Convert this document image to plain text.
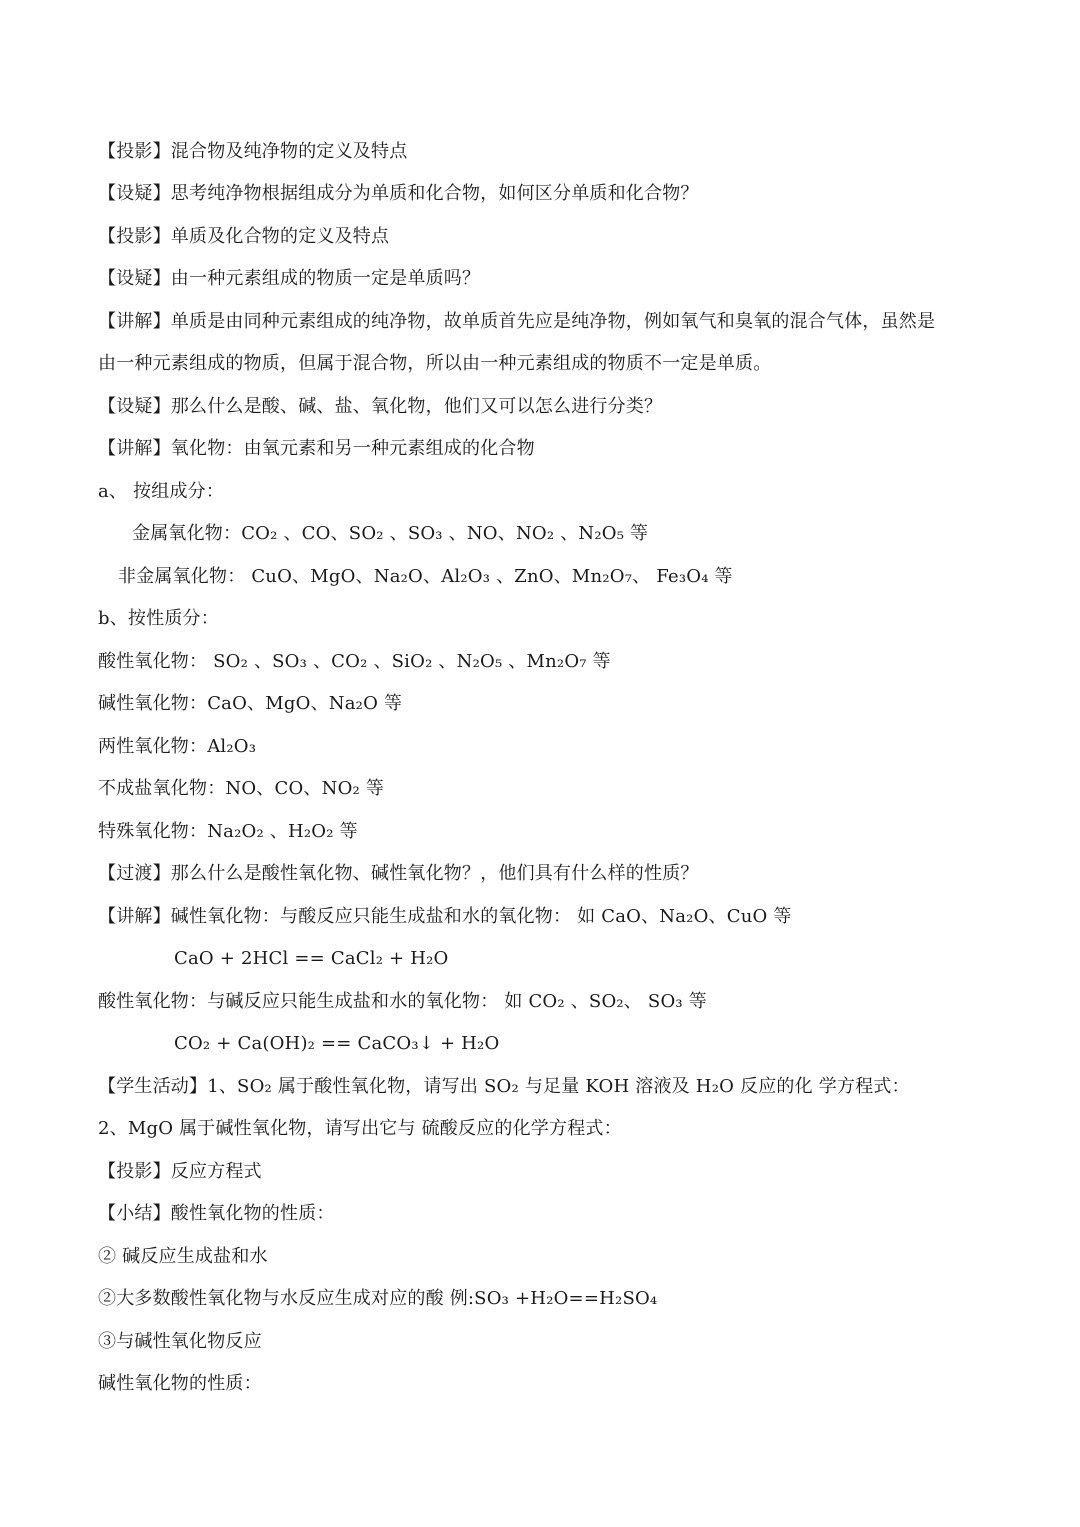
【投影】混合物及纯净物的定义及特点
【设疑】思考纯净物根据组成分为单质和化合物，如何区分单质和化合物？
【投影】单质及化合物的定义及特点
【设疑】由一种元素组成的物质一定是单质吗？
【讲解】单质是由同种元素组成的纯净物，故单质首先应是纯净物，例如氧气和臭氧的混合气体，虽然是
由一种元素组成的物质，但属于混合物，所以由一种元素组成的物质不一定是单质。
【设疑】那么什么是酸、碱、盐、氧化物，他们又可以怎么进行分类？
【讲解】氧化物：由氧元素和另一种元素组成的化合物
a、 按组成分：
金属氧化物：CO₂ 、CO、SO₂ 、SO₃ 、NO、NO₂ 、N₂O₅ 等
非金属氧化物： CuO、MgO、Na₂O、Al₂O₃ 、ZnO、Mn₂O₇、 Fe₃O₄ 等
b、按性质分：
酸性氧化物： SO₂ 、SO₃ 、CO₂ 、SiO₂ 、N₂O₅ 、Mn₂O₇ 等
碱性氧化物：CaO、MgO、Na₂O 等
两性氧化物：Al₂O₃
不成盐氧化物：NO、CO、NO₂ 等
特殊氧化物：Na₂O₂ 、H₂O₂ 等
【过渡】那么什么是酸性氧化物、碱性氧化物？，他们具有什么样的性质？
【讲解】碱性氧化物：与酸反应只能生成盐和水的氧化物： 如 CaO、Na₂O、CuO 等
CaO + 2HCl == CaCl₂ + H₂O
酸性氧化物：与碱反应只能生成盐和水的氧化物： 如 CO₂ 、SO₂、 SO₃ 等
CO₂ + Ca(OH)₂ == CaCO₃↓ + H₂O
【学生活动】1、SO₂ 属于酸性氧化物，请写出 SO₂ 与足量 KOH 溶液及 H₂O 反应的化 学方程式：
2、MgO 属于碱性氧化物，请写出它与 硫酸反应的化学方程式：
【投影】反应方程式
【小结】酸性氧化物的性质：
② 碱反应生成盐和水
②大多数酸性氧化物与水反应生成对应的酸 例:SO₃ +H₂O==H₂SO₄
③与碱性氧化物反应
碱性氧化物的性质：
